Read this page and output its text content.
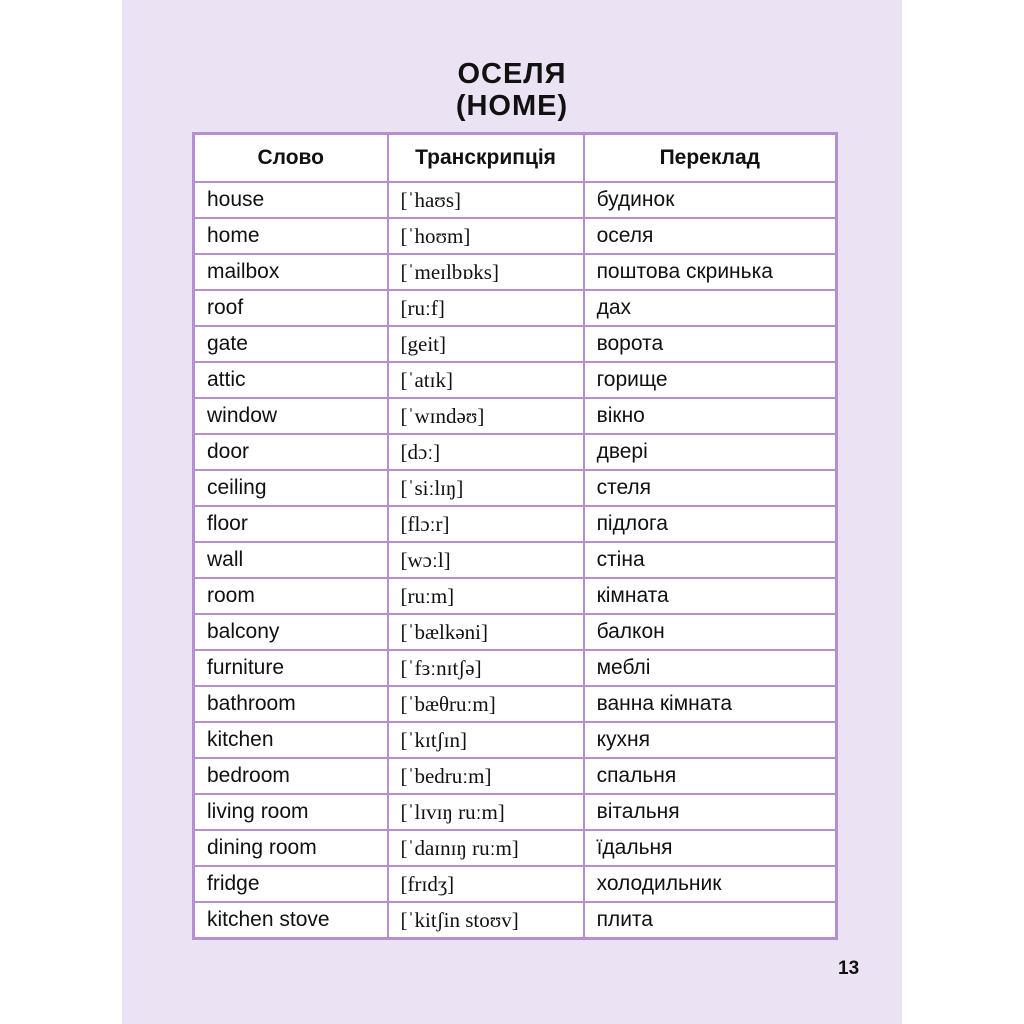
ОСЕЛЯ
(HOME)
Слово	Транскрипція	Переклад
house	[ˈhaʊs]	будинок
home	[ˈhoʊm]	оселя
mailbox	[ˈmeɪlbɒks]	поштова скринька
roof	[ruːf]	дах
gate	[geit]	ворота
attic	[ˈatɪk]	горище
window	[ˈwɪndəʊ]	вікно
door	[dɔː]	двері
ceiling	[ˈsiːlɪŋ]	стеля
floor	[flɔːr]	підлога
wall	[wɔːl]	стіна
room	[ruːm]	кімната
balcony	[ˈbælkəni]	балкон
furniture	[ˈfɜːnɪtʃə]	меблі
bathroom	[ˈbæθruːm]	ванна кімната
kitchen	[ˈkɪtʃɪn]	кухня
bedroom	[ˈbedruːm]	спальня
living room	[ˈlɪvɪŋ ruːm]	вітальня
dining room	[ˈdaɪnɪŋ ruːm]	їдальня
fridge	[frɪdʒ]	холодильник
kitchen stove	[ˈkitʃin stoʊv]	плита
13
